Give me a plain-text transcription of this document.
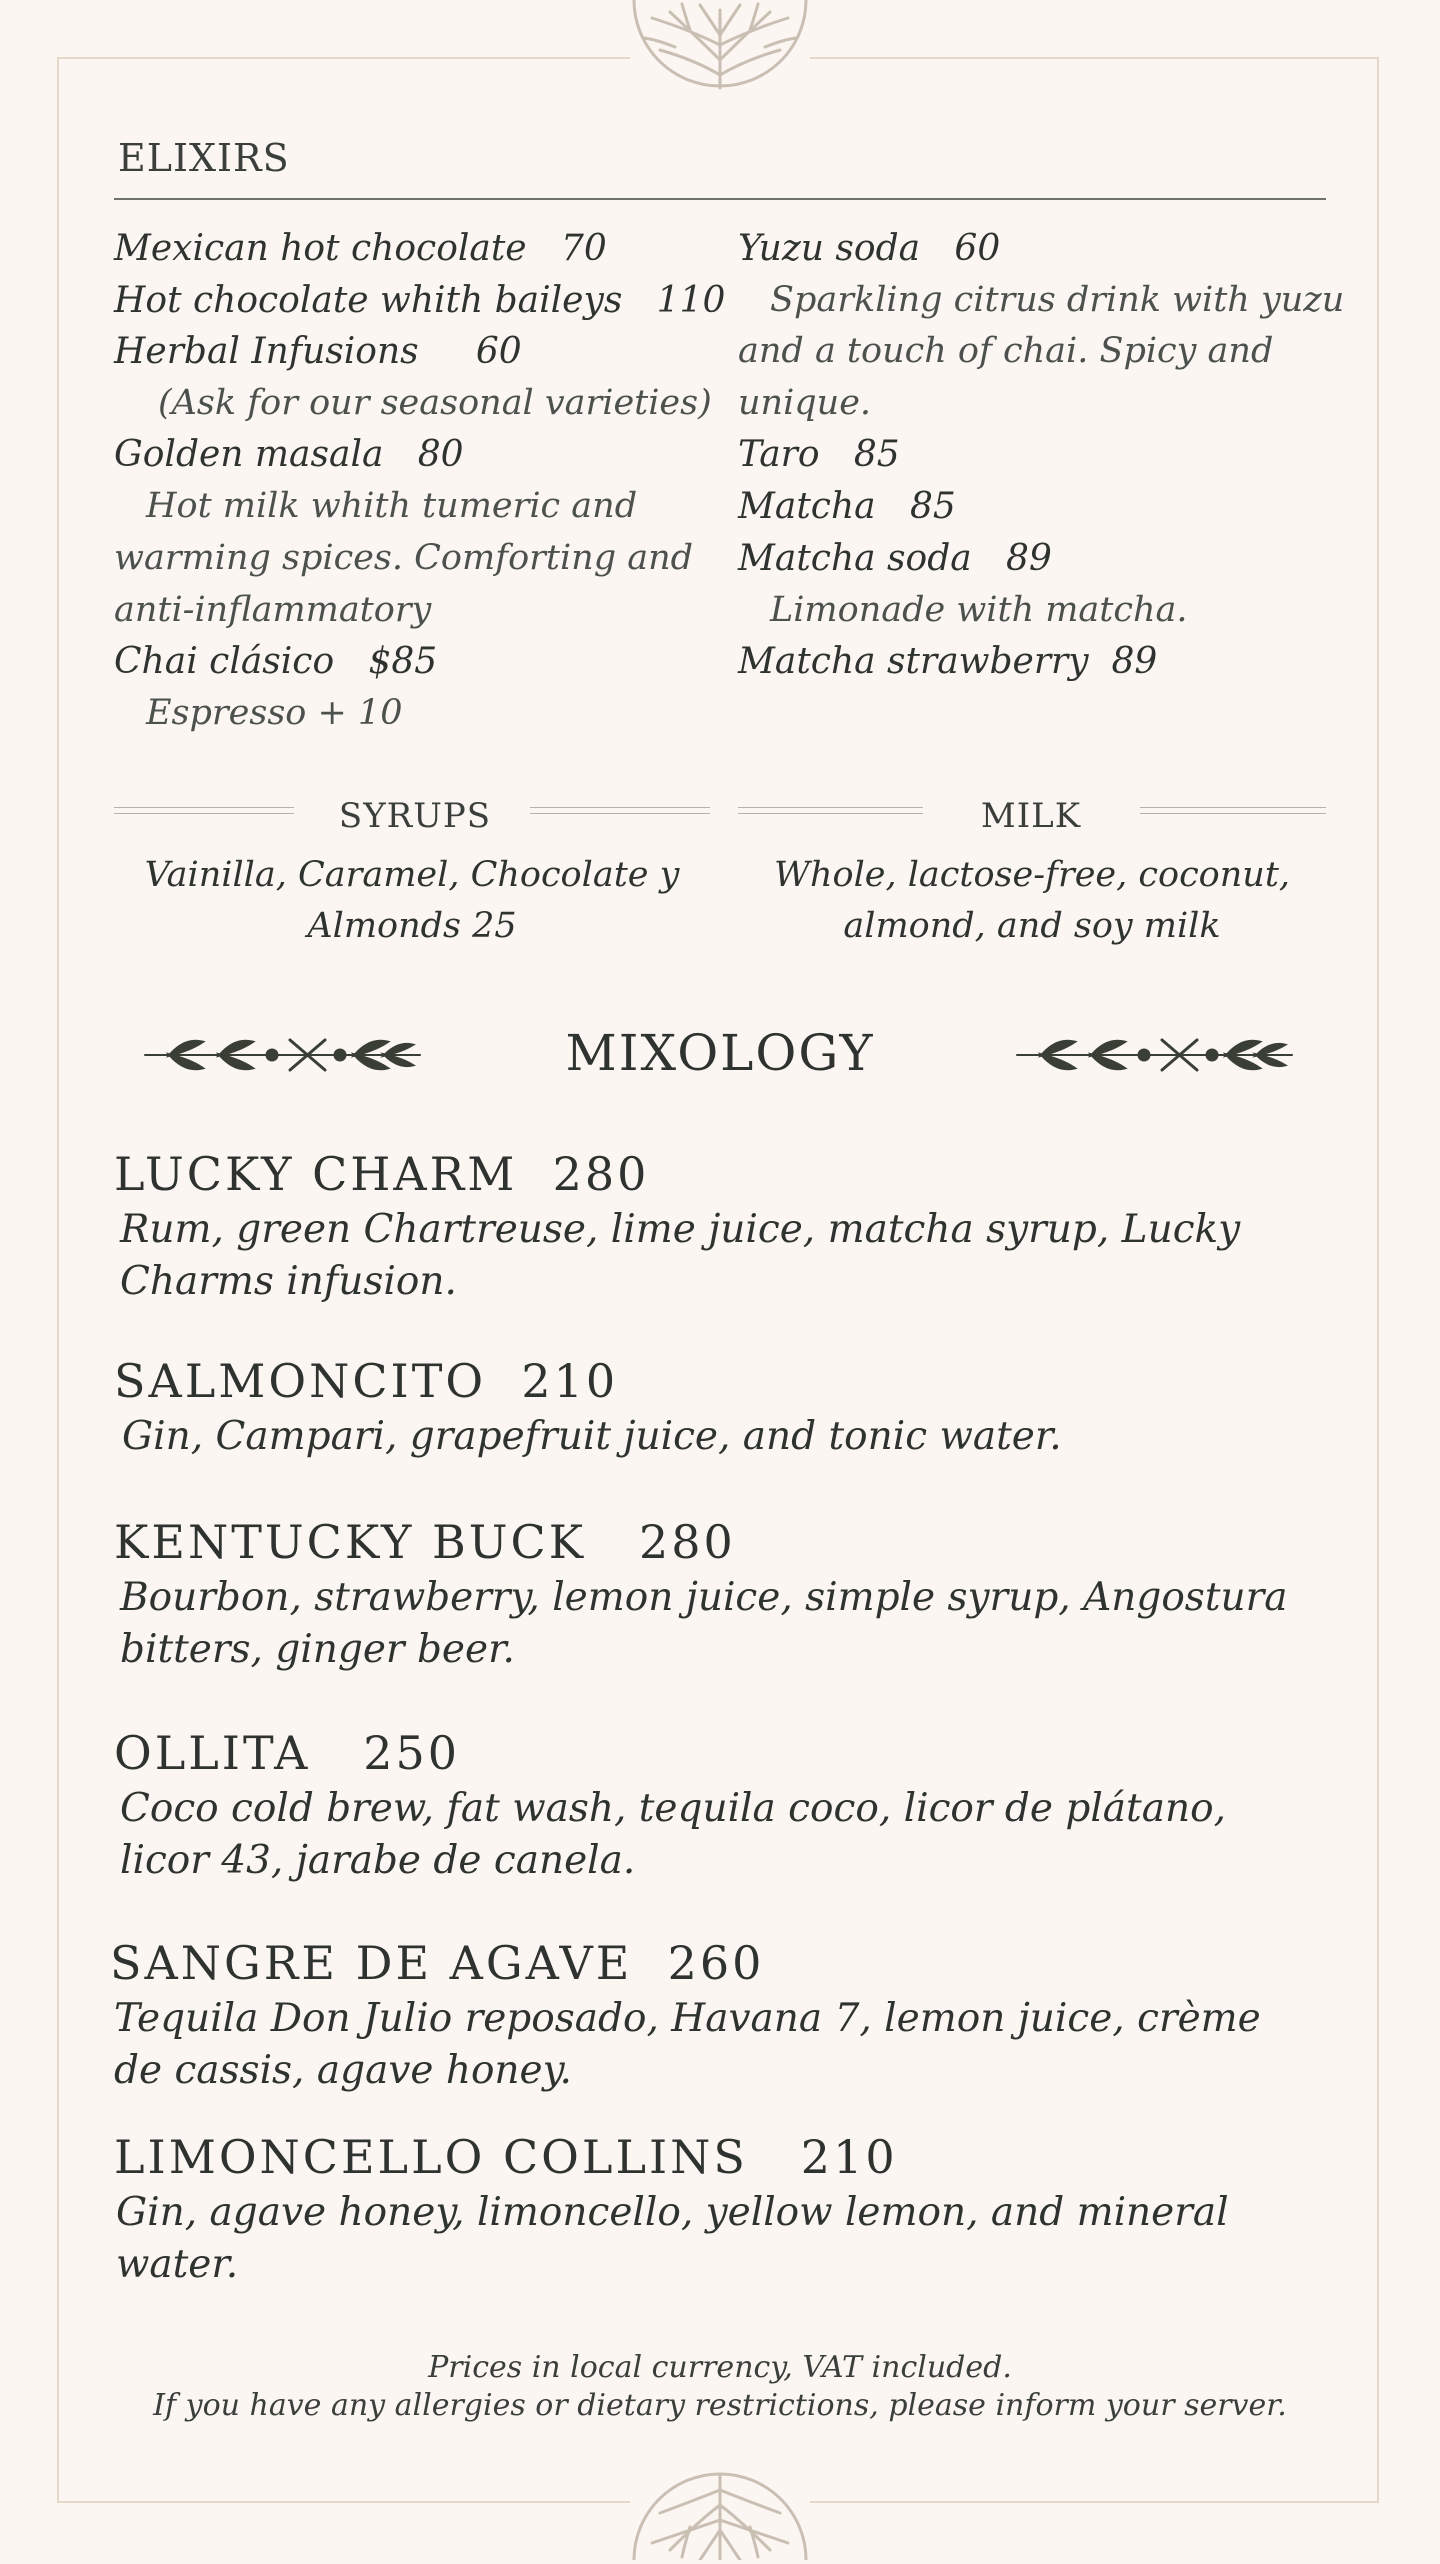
ELIXIRS
Mexican hot chocolate 70
Hot chocolate whith baileys 110
Herbal Infusions 60
(Ask for our seasonal varieties)
Golden masala 80
Hot milk whith tumeric and
warming spices. Comforting and
anti-inflammatory
Chai clásico $85
Espresso + 10
Yuzu soda 60
Sparkling citrus drink with yuzu
and a touch of chai. Spicy and
unique.
Taro 85
Matcha 85
Matcha soda 89
Limonade with matcha.
Matcha strawberry 89
SYRUPS
Vainilla, Caramel, Chocolate y
Almonds 25
MILK
Whole, lactose-free, coconut,
almond, and soy milk
MIXOLOGY
LUCKY CHARM 280
Rum, green Chartreuse, lime juice, matcha syrup, Lucky Charms infusion.
SALMONCITO 210
Gin, Campari, grapefruit juice, and tonic water.
KENTUCKY BUCK 280
Bourbon, strawberry, lemon juice, simple syrup, Angostura bitters, ginger beer.
OLLITA 250
Coco cold brew, fat wash, tequila coco, licor de plátano, licor 43, jarabe de canela.
SANGRE DE AGAVE 260
Tequila Don Julio reposado, Havana 7, lemon juice, crème de cassis, agave honey.
LIMONCELLO COLLINS 210
Gin, agave honey, limoncello, yellow lemon, and mineral water.
Prices in local currency, VAT included.
If you have any allergies or dietary restrictions, please inform your server.
